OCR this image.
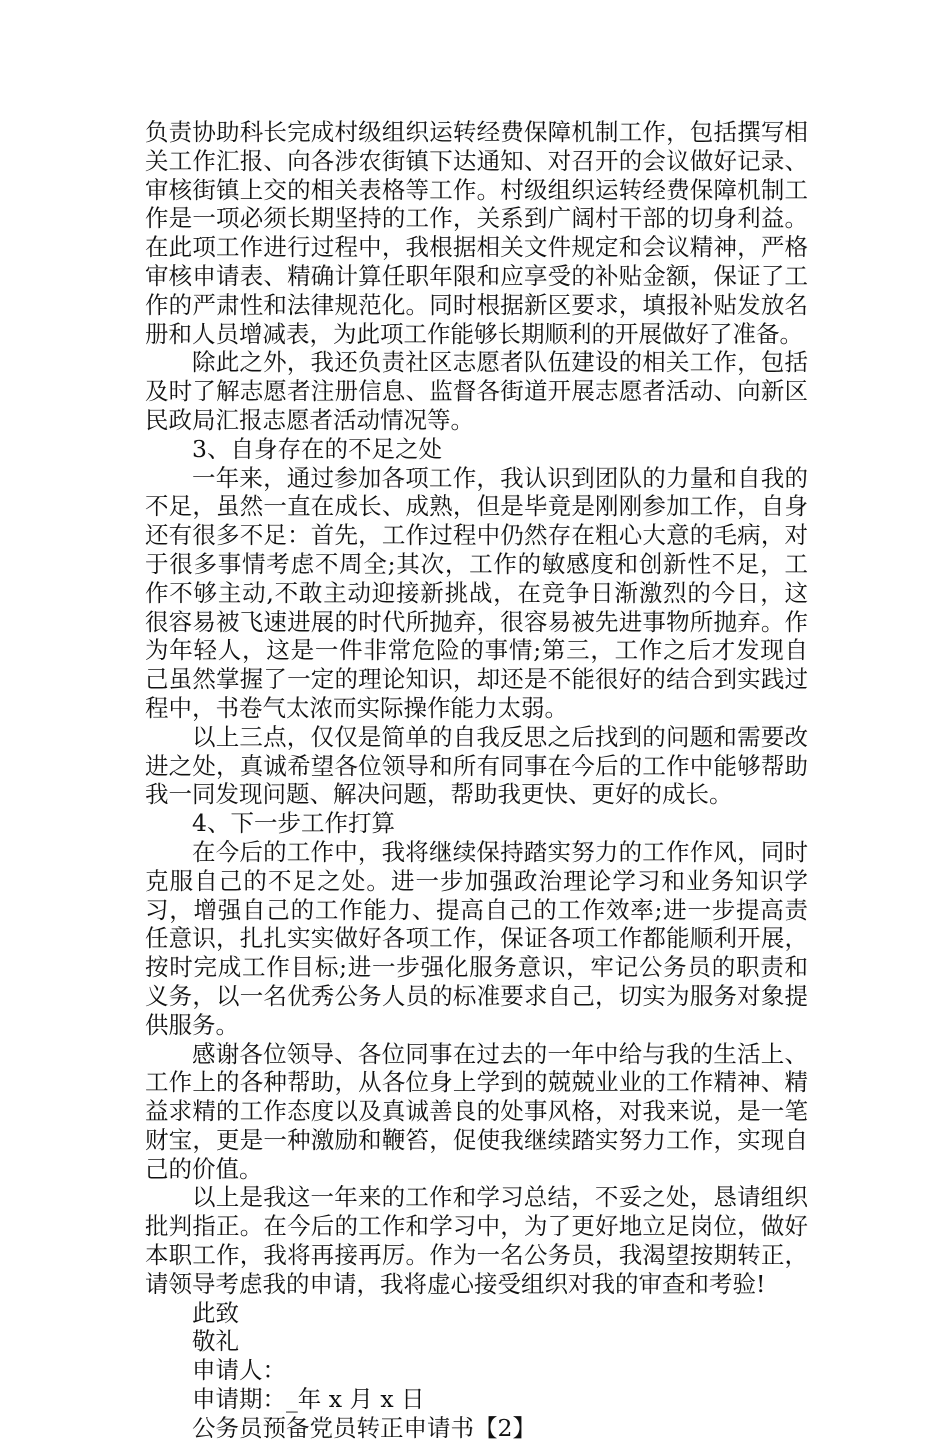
负责协助科长完成村级组织运转经费保障机制工作，包括撰写相关工作汇报、向各涉农街镇下达通知、对召开的会议做好记录、审核街镇上交的相关表格等工作。村级组织运转经费保障机制工作是一项必须长期坚持的工作，关系到广阔村干部的切身利益。在此项工作进行过程中，我根据相关文件规定和会议精神，严格审核申请表、精确计算任职年限和应享受的补贴金额，保证了工作的严肃性和法律规范化。同时根据新区要求，填报补贴发放名册和人员增减表，为此项工作能够长期顺利的开展做好了准备。

除此之外，我还负责社区志愿者队伍建设的相关工作，包括及时了解志愿者注册信息、监督各街道开展志愿者活动、向新区民政局汇报志愿者活动情况等。

3、自身存在的不足之处

一年来，通过参加各项工作，我认识到团队的力量和自我的不足，虽然一直在成长、成熟，但是毕竟是刚刚参加工作，自身还有很多不足：首先，工作过程中仍然存在粗心大意的毛病，对于很多事情考虑不周全;其次，工作的敏感度和创新性不足，工作不够主动,不敢主动迎接新挑战，在竞争日渐激烈的今日，这很容易被飞速进展的时代所抛弃，很容易被先进事物所抛弃。作为年轻人，这是一件非常危险的事情;第三，工作之后才发现自己虽然掌握了一定的理论知识，却还是不能很好的结合到实践过程中，书卷气太浓而实际操作能力太弱。

以上三点，仅仅是简单的自我反思之后找到的问题和需要改进之处，真诚希望各位领导和所有同事在今后的工作中能够帮助我一同发现问题、解决问题，帮助我更快、更好的成长。

4、下一步工作打算

在今后的工作中，我将继续保持踏实努力的工作作风，同时克服自己的不足之处。进一步加强政治理论学习和业务知识学习，增强自己的工作能力、提高自己的工作效率;进一步提高责任意识，扎扎实实做好各项工作，保证各项工作都能顺利开展，按时完成工作目标;进一步强化服务意识，牢记公务员的职责和义务，以一名优秀公务人员的标准要求自己，切实为服务对象提供服务。

感谢各位领导、各位同事在过去的一年中给与我的生活上、工作上的各种帮助，从各位身上学到的兢兢业业的工作精神、精益求精的工作态度以及真诚善良的处事风格，对我来说，是一笔财宝，更是一种激励和鞭笞，促使我继续踏实努力工作，实现自己的价值。

以上是我这一年来的工作和学习总结，不妥之处，恳请组织批判指正。在今后的工作和学习中，为了更好地立足岗位，做好本职工作，我将再接再厉。作为一名公务员，我渴望按期转正，请领导考虑我的申请，我将虚心接受组织对我的审查和考验!

此致

敬礼

申请人：

申请期：_年 x 月 x 日

公务员预备党员转正申请书【2】
